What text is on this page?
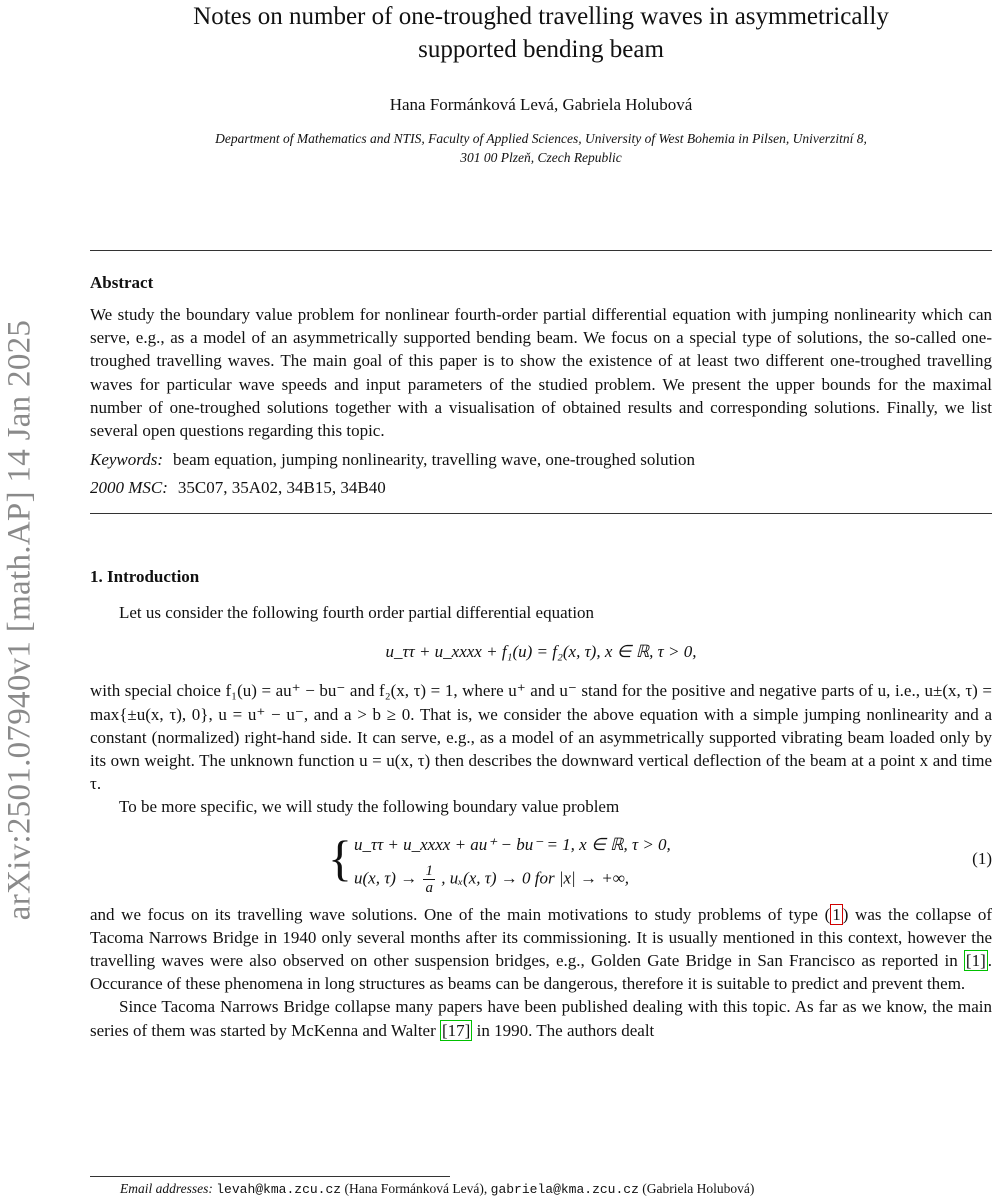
arXiv:2501.07940v1 [math.AP] 14 Jan 2025
Notes on number of one-troughed travelling waves in asymmetrically
supported bending beam
Hana Formánková Levá, Gabriela Holubová
Department of Mathematics and NTIS, Faculty of Applied Sciences, University of West Bohemia in Pilsen, Univerzitní 8,
301 00 Plzeň, Czech Republic
Abstract

We study the boundary value problem for nonlinear fourth-order partial differential equation with jumping nonlinearity which can serve, e.g., as a model of an asymmetrically supported bending beam. We focus on a special type of solutions, the so-called one-troughed travelling waves. The main goal of this paper is to show the existence of at least two different one-troughed travelling waves for particular wave speeds and input parameters of the studied problem. We present the upper bounds for the maximal number of one-troughed solutions together with a visualisation of obtained results and corresponding solutions. Finally, we list several open questions regarding this topic.

Keywords: beam equation, jumping nonlinearity, travelling wave, one-troughed solution
2000 MSC: 35C07, 35A02, 34B15, 34B40
1. Introduction

Let us consider the following fourth order partial differential equation

u_ττ + u_xxxx + f₁(u) = f₂(x, τ), x ∈ ℝ, τ > 0,

with special choice f₁(u) = au⁺ − bu⁻ and f₂(x, τ) = 1, where u⁺ and u⁻ stand for the positive and negative parts of u, i.e., u±(x, τ) = max{±u(x, τ), 0}, u = u⁺ − u⁻, and a > b ≥ 0. That is, we consider the above equation with a simple jumping nonlinearity and a constant (normalized) right-hand side. It can serve, e.g., as a model of an asymmetrically supported vibrating beam loaded only by its own weight. The unknown function u = u(x, τ) then describes the downward vertical deflection of the beam at a point x and time τ.

To be more specific, we will study the following boundary value problem

{ u_ττ + u_xxxx + au⁺ − bu⁻ = 1, x ∈ ℝ, τ > 0,
u(x, $\tau) \to \frac{1}{a}$ , uₓ(x, τ) → 0 for |x| → +∞,
(1)

and we focus on its travelling wave solutions. One of the main motivations to study problems of type ( 1 ) was the collapse of Tacoma Narrows Bridge in 1940 only several months after its commissioning. It is usually mentioned in this context, however the travelling waves were also observed on other suspension bridges, e.g., Golden Gate Bridge in San Francisco as reported in [1] . Occurance of these phenomena in long structures as beams can be dangerous, therefore it is suitable to predict and prevent them.

Since Tacoma Narrows Bridge collapse many papers have been published dealing with this topic. As far as we know, the main series of them was started by McKenna and Walter [17] in 1990. The authors dealt

Email addresses: levah@kma.zcu.cz (Hana Formánková Levá), gabriela@kma.zcu.cz (Gabriela Holubová)
